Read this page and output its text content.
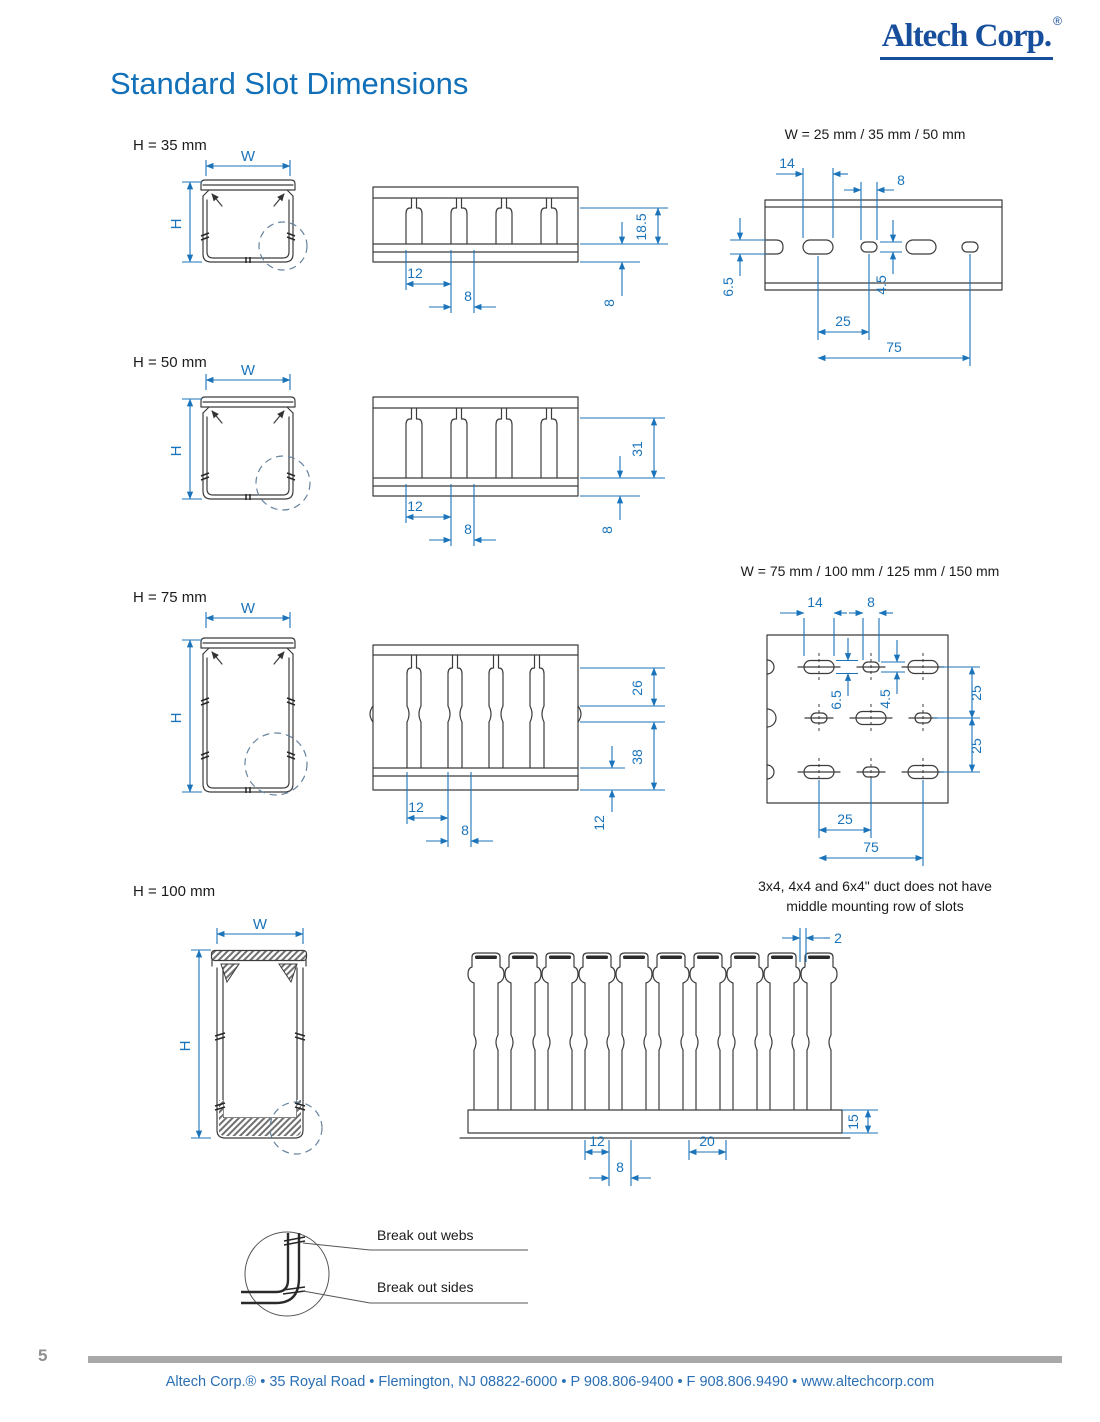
Altech Corp. ®
Standard Slot Dimensions
H = 35 mm
H = 50 mm
H = 75 mm
H = 100 mm
W = 25 mm / 35 mm / 50 mm
W = 75 mm / 100 mm / 125 mm / 150 mm
3x4, 4x4 and 6x4" duct does not have
middle mounting row of slots
Break out webs
Break out sides
5
Altech Corp.® • 35 Royal Road • Flemington, NJ 08822-6000 • P 908.806-9400 • F 908.806.9490 • www.altechcorp.com
W
H	18.5
8
12
8
14
8
6.5	4.5
25
75
W
H	31
8
12
8
W
H
26
38
12
12
8
14	8
6.5 4.5	25
25
25
75
W
H
2
15
12
8
20
